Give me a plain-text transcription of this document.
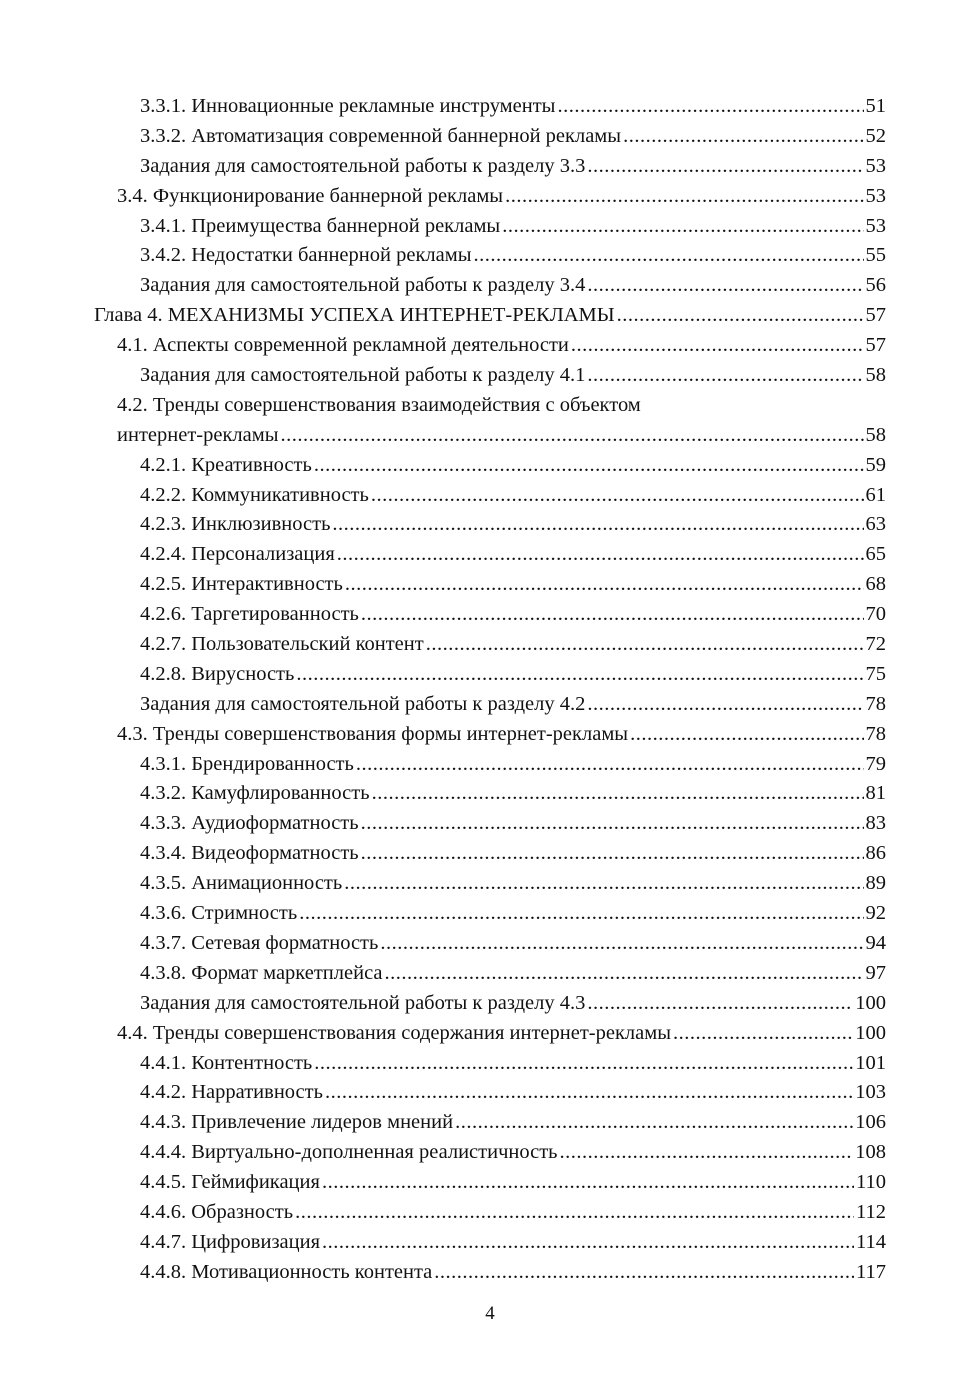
3.3.1. Инновационные рекламные инструменты .....	51
3.3.2. Автоматизация современной баннерной рекламы .....	52
Задания для самостоятельной работы к разделу 3.3 .....	53
3.4. Функционирование баннерной рекламы .....	53
3.4.1. Преимущества баннерной рекламы .....	53
3.4.2. Недостатки баннерной рекламы .....	55
Задания для самостоятельной работы к разделу 3.4 .....	56
Глава 4. МЕХАНИЗМЫ УСПЕХА ИНТЕРНЕТ-РЕКЛАМЫ .....	57
4.1. Аспекты современной рекламной деятельности .....	57
Задания для самостоятельной работы к разделу 4.1 .....	58
4.2. Тренды совершенствования взаимодействия с объектом
интернет-рекламы .....	58
4.2.1. Креативность .....	59
4.2.2. Коммуникативность .....	61
4.2.3. Инклюзивность .....	63
4.2.4. Персонализация .....	65
4.2.5. Интерактивность .....	68
4.2.6. Таргетированность .....	70
4.2.7. Пользовательский контент .....	72
4.2.8. Вирусность .....	75
Задания для самостоятельной работы к разделу 4.2 .....	78
4.3. Тренды совершенствования формы интернет-рекламы .....	78
4.3.1. Брендированность .....	79
4.3.2. Камуфлированность .....	81
4.3.3. Аудиоформатность .....	83
4.3.4. Видеоформатность .....	86
4.3.5. Анимационность .....	89
4.3.6. Стримность .....	92
4.3.7. Сетевая форматность .....	94
4.3.8. Формат маркетплейса .....	97
Задания для самостоятельной работы к разделу 4.3 .....	100
4.4. Тренды совершенствования содержания интернет-рекламы .....	100
4.4.1. Контентность .....	101
4.4.2. Нарративность .....	103
4.4.3. Привлечение лидеров мнений .....	106
4.4.4. Виртуально-дополненная реалистичность .....	108
4.4.5. Геймификация .....	110
4.4.6. Образность .....	112
4.4.7. Цифровизация .....	114
4.4.8. Мотивационность контента .....	117
4
